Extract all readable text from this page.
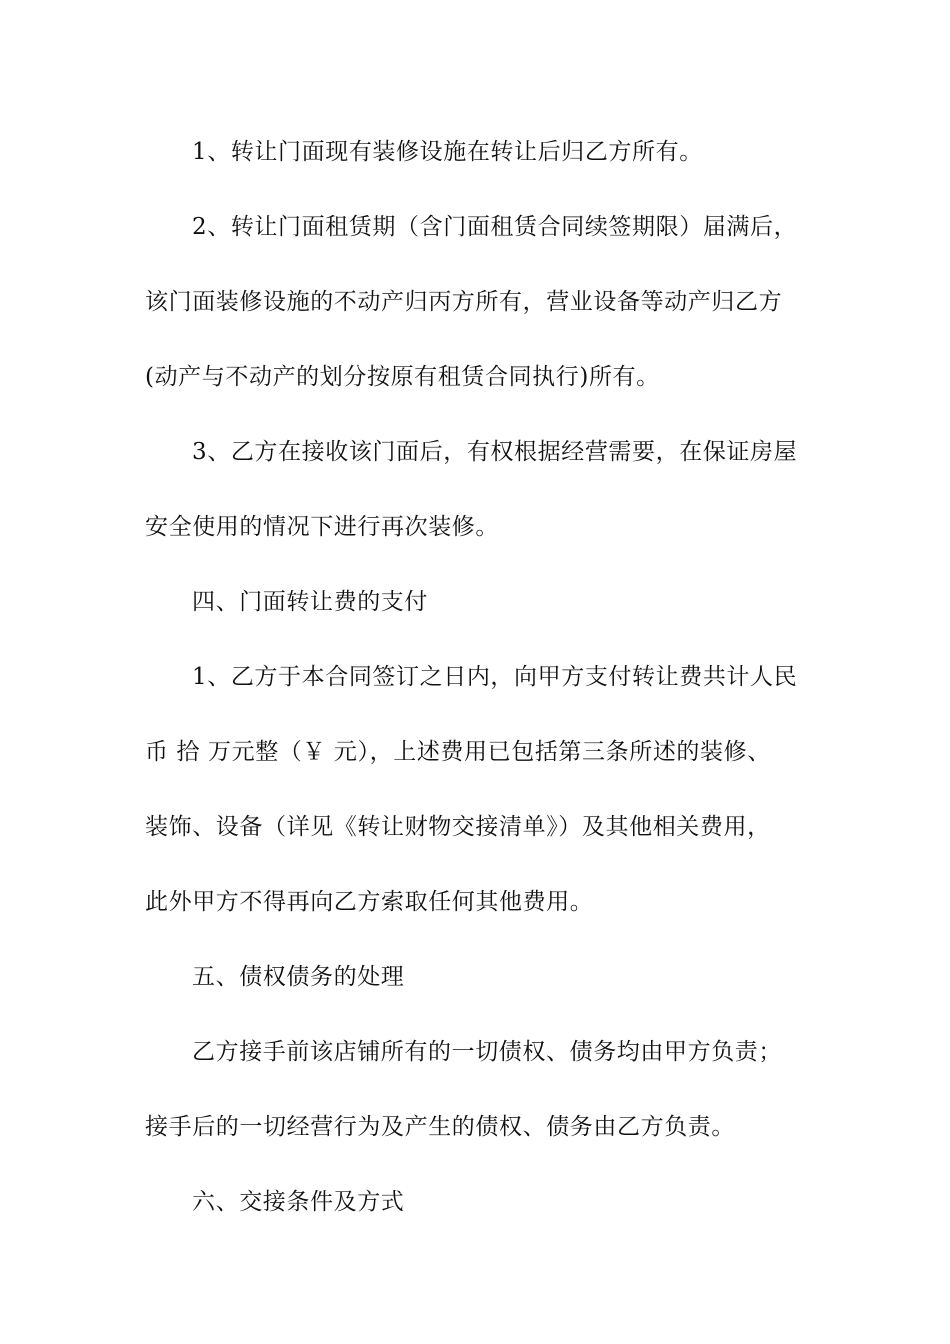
1、转让门面现有装修设施在转让后归乙方所有。
2、转让门面租赁期（含门面租赁合同续签期限）届满后，
该门面装修设施的不动产归丙方所有，营业设备等动产归乙方
(动产与不动产的划分按原有租赁合同执行)所有。
3、乙方在接收该门面后，有权根据经营需要，在保证房屋
安全使用的情况下进行再次装修。
四、门面转让费的支付
1、乙方于本合同签订之日内，向甲方支付转让费共计人民
币 拾 万元整（￥ 元），上述费用已包括第三条所述的装修、
装饰、设备（详见《转让财物交接清单》）及其他相关费用，
此外甲方不得再向乙方索取任何其他费用。
五、债权债务的处理
乙方接手前该店铺所有的一切债权、债务均由甲方负责；
接手后的一切经营行为及产生的债权、债务由乙方负责。
六、交接条件及方式
